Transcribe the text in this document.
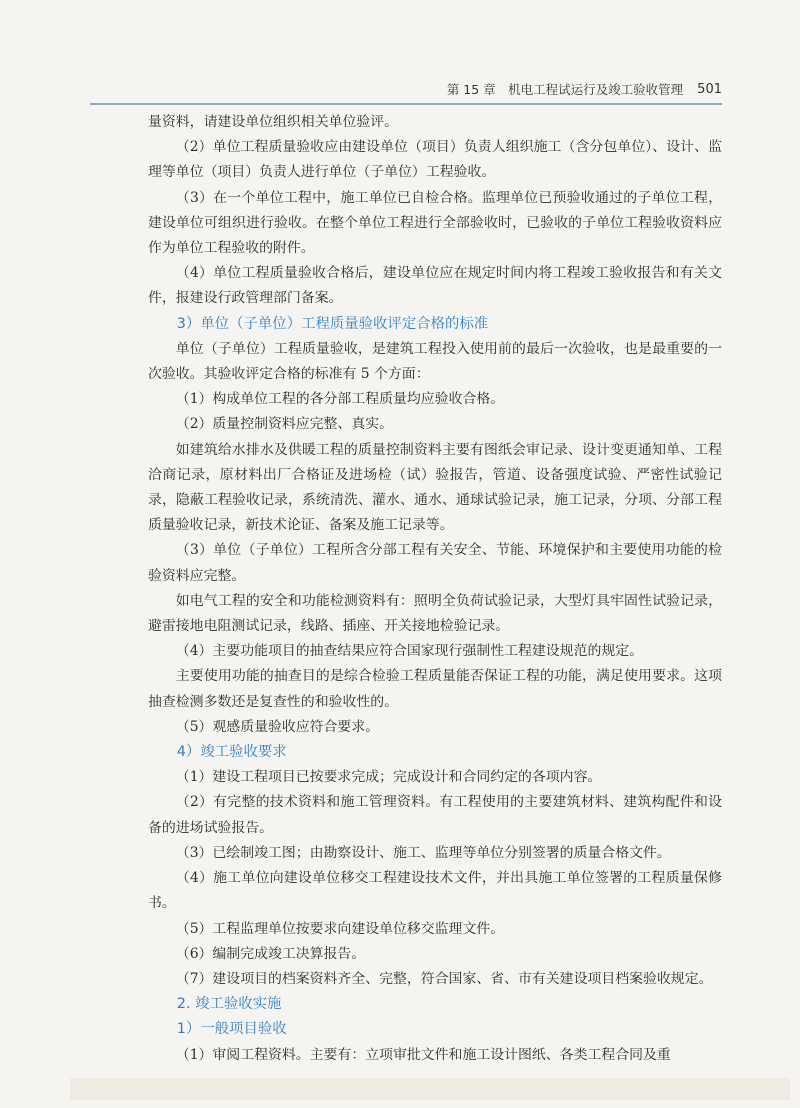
第 15 章　机电工程试运行及竣工验收管理 501

量资料，请建设单位组织相关单位验评。

（2）单位工程质量验收应由建设单位（项目）负责人组织施工（含分包单位）、设计、监理等单位（项目）负责人进行单位（子单位）工程验收。

（3）在一个单位工程中，施工单位已自检合格。监理单位已预验收通过的子单位工程，建设单位可组织进行验收。在整个单位工程进行全部验收时，已验收的子单位工程验收资料应作为单位工程验收的附件。

（4）单位工程质量验收合格后，建设单位应在规定时间内将工程竣工验收报告和有关文件，报建设行政管理部门备案。

3）单位（子单位）工程质量验收评定合格的标准

单位（子单位）工程质量验收，是建筑工程投入使用前的最后一次验收，也是最重要的一次验收。其验收评定合格的标准有 5 个方面：

（1）构成单位工程的各分部工程质量均应验收合格。

（2）质量控制资料应完整、真实。

如建筑给水排水及供暖工程的质量控制资料主要有图纸会审记录、设计变更通知单、工程洽商记录，原材料出厂合格证及进场检（试）验报告，管道、设备强度试验、严密性试验记录，隐蔽工程验收记录，系统清洗、灌水、通水、通球试验记录，施工记录，分项、分部工程质量验收记录，新技术论证、备案及施工记录等。

（3）单位（子单位）工程所含分部工程有关安全、节能、环境保护和主要使用功能的检验资料应完整。

如电气工程的安全和功能检测资料有：照明全负荷试验记录，大型灯具牢固性试验记录，避雷接地电阻测试记录，线路、插座、开关接地检验记录。

（4）主要功能项目的抽查结果应符合国家现行强制性工程建设规范的规定。

主要使用功能的抽查目的是综合检验工程质量能否保证工程的功能，满足使用要求。这项抽查检测多数还是复查性的和验收性的。

（5）观感质量验收应符合要求。

4）竣工验收要求

（1）建设工程项目已按要求完成；完成设计和合同约定的各项内容。

（2）有完整的技术资料和施工管理资料。有工程使用的主要建筑材料、建筑构配件和设备的进场试验报告。

（3）已绘制竣工图；由勘察设计、施工、监理等单位分别签署的质量合格文件。

（4）施工单位向建设单位移交工程建设技术文件，并出具施工单位签署的工程质量保修书。

（5）工程监理单位按要求向建设单位移交监理文件。

（6）编制完成竣工决算报告。

（7）建设项目的档案资料齐全、完整，符合国家、省、市有关建设项目档案验收规定。

2. 竣工验收实施
1）一般项目验收

（1）审阅工程资料。主要有：立项审批文件和施工设计图纸、各类工程合同及重
